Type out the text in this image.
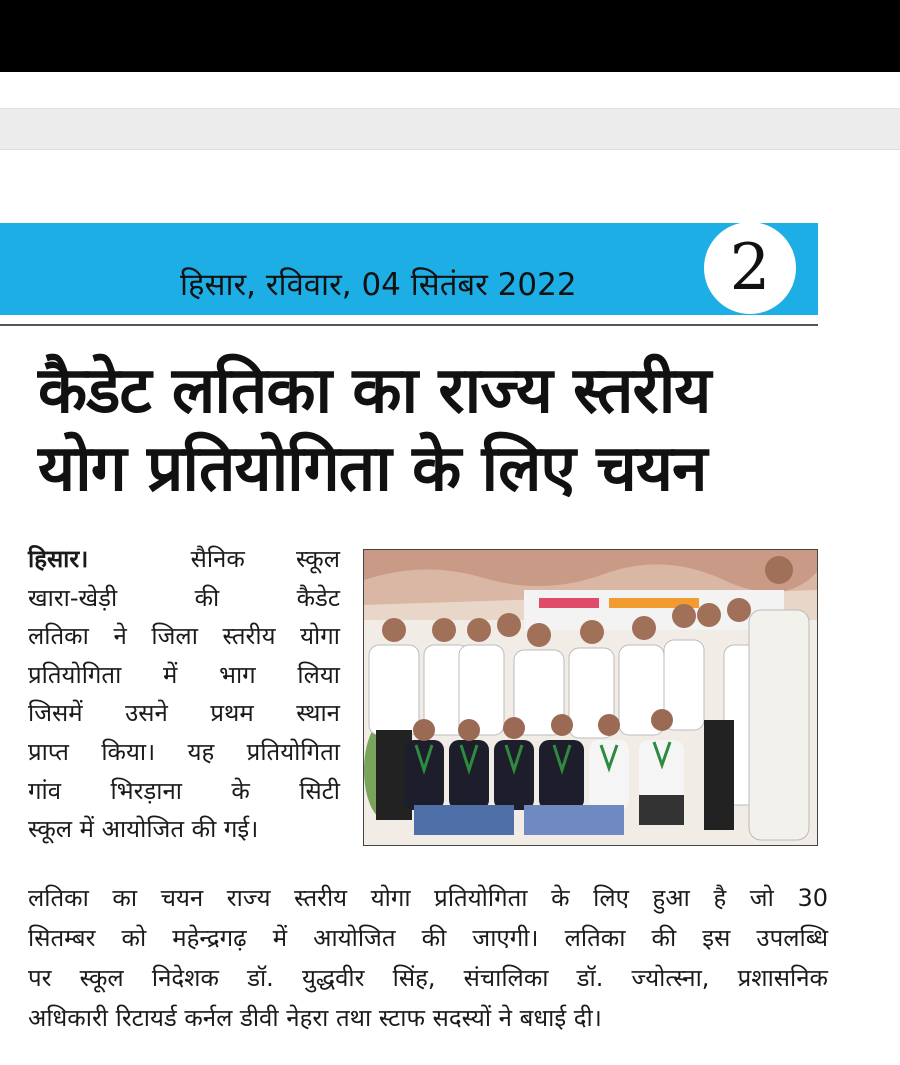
हिसार, रविवार, 04 सितंबर 2022	2
कैडेट लतिका का राज्य स्तरीय
योग प्रतियोगिता के लिए चयन
हिसार।	सैनिक स्कूल
खारा-खेड़ी की कैडेट
लतिका ने जिला स्तरीय योगा
प्रतियोगिता में भाग लिया
जिसमें उसने प्रथम स्थान
प्राप्त किया। यह प्रतियोगिता
गांव भिरड़ाना के सिटी
स्कूल में आयोजित की गई।
लतिका का चयन राज्य स्तरीय योगा प्रतियोगिता के लिए हुआ है जो 30
सितम्बर को महेन्द्रगढ़ में आयोजित की जाएगी। लतिका की इस उपलब्धि
पर स्कूल निदेशक डॉ. युद्धवीर सिंह, संचालिका डॉ. ज्योत्स्ना, प्रशासनिक
अधिकारी रिटायर्ड कर्नल डीवी नेहरा तथा स्टाफ सदस्यों ने बधाई दी।
